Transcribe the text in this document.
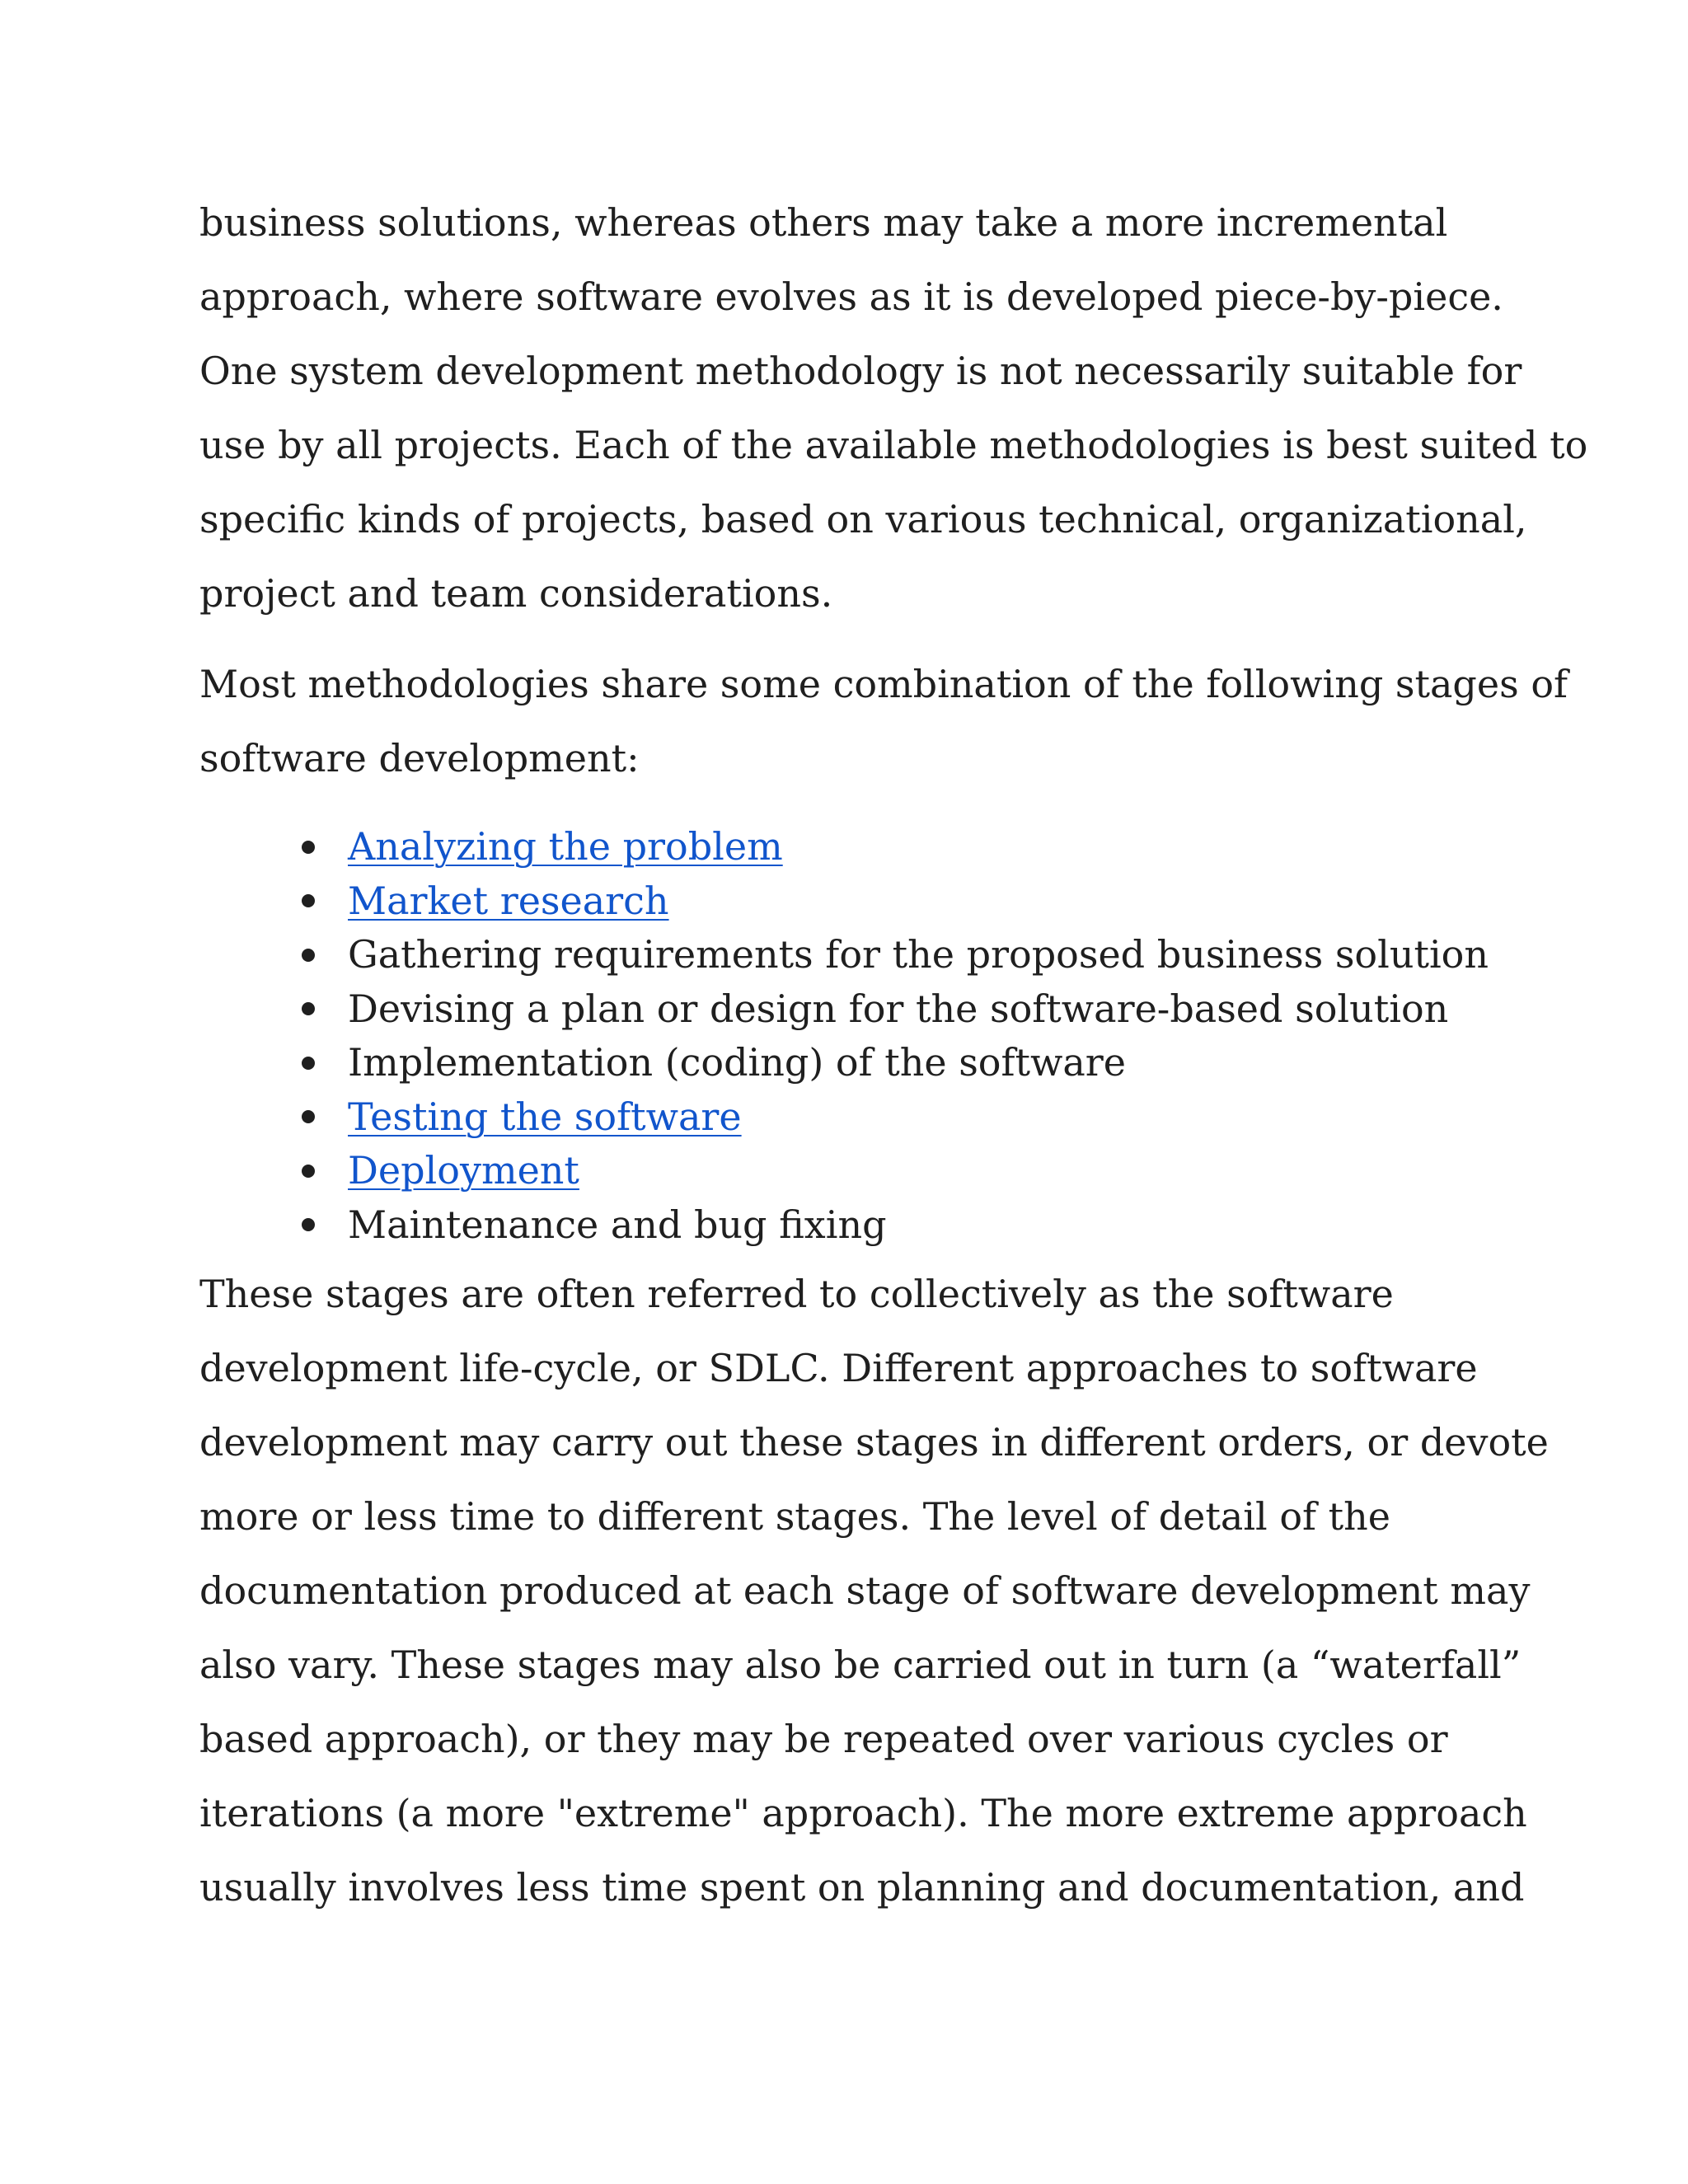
business solutions, whereas others may take a more incremental
approach, where software evolves as it is developed piece-by-piece.
One system development methodology is not necessarily suitable for
use by all projects. Each of the available methodologies is best suited to
specific kinds of projects, based on various technical, organizational,
project and team considerations.

Most methodologies share some combination of the following stages of
software development:

Analyzing the problem
Market research
Gathering requirements for the proposed business solution
Devising a plan or design for the software-based solution
Implementation (coding) of the software
Testing the software
Deployment
Maintenance and bug fixing

These stages are often referred to collectively as the software
development life-cycle, or SDLC. Different approaches to software
development may carry out these stages in different orders, or devote
more or less time to different stages. The level of detail of the
documentation produced at each stage of software development may
also vary. These stages may also be carried out in turn (a “waterfall”
based approach), or they may be repeated over various cycles or
iterations (a more "extreme" approach). The more extreme approach
usually involves less time spent on planning and documentation, and
